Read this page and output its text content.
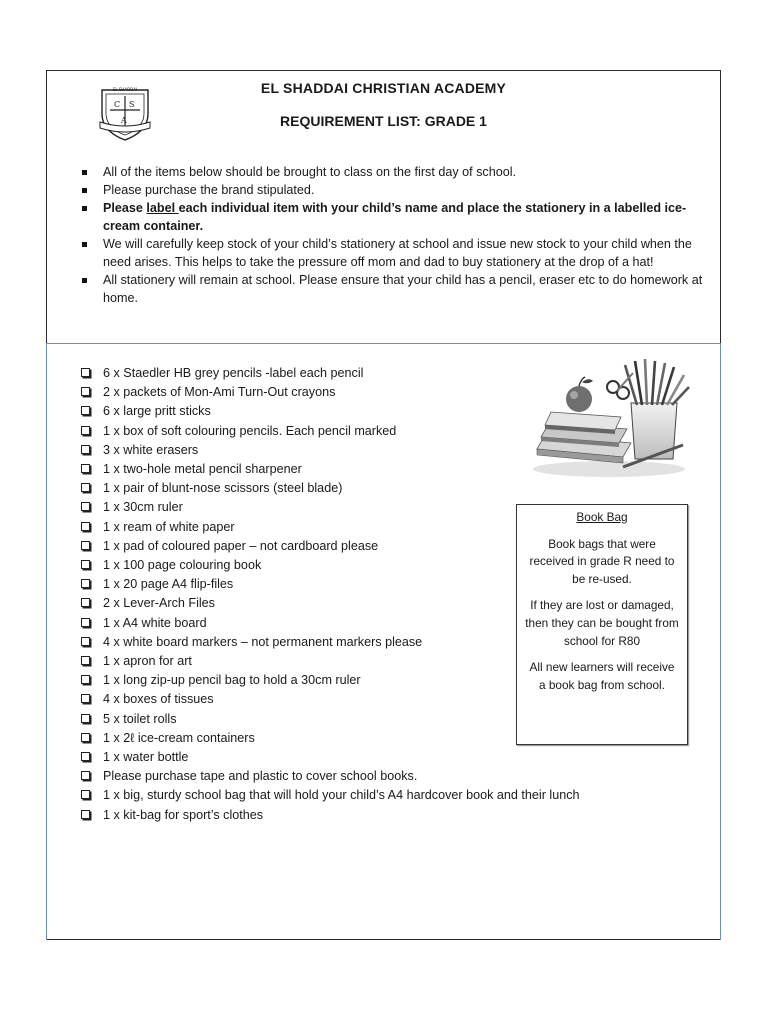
C S
A
EL SHADDAI	EL SHADDAI CHRISTIAN ACADEMY
REQUIREMENT LIST: GRADE 1
All of the items below should be brought to class on the first day of school.
Please purchase the brand stipulated.
Please label each individual item with your child’s name and place the stationery in a labelled ice-cream container.
We will carefully keep stock of your child’s stationery at school and issue new stock to your child when the need arises. This helps to take the pressure off mom and dad to buy stationery at the drop of a hat!
All stationery will remain at school. Please ensure that your child has a pencil, eraser etc to do homework at home.
6 x Staedler HB grey pencils -label each pencil
2 x packets of Mon-Ami Turn-Out crayons
6 x large pritt sticks
1 x box of soft colouring pencils. Each pencil marked
3 x white erasers
1 x two-hole metal pencil sharpener
1 x pair of blunt-nose scissors (steel blade)
1 x 30cm ruler
1 x ream of white paper
1 x pad of coloured paper – not cardboard please
1 x 100 page colouring book
1 x 20 page A4 flip-files
2 x Lever-Arch Files
1 x A4 white board
4 x white board markers – not permanent markers please
1 x apron for art
1 x long zip-up pencil bag to hold a 30cm ruler
4 x boxes of tissues
5 x toilet rolls
1 x 2ℓ ice-cream containers
1 x water bottle
Please purchase tape and plastic to cover school books.
1 x big, sturdy school bag that will hold your child’s A4 hardcover book and their lunch
1 x kit-bag for sport’s clothes
Book Bag

Book bags that were received in grade R need to be re-used.

If they are lost or damaged, then they can be bought from school for R80

All new learners will receive a book bag from school.
